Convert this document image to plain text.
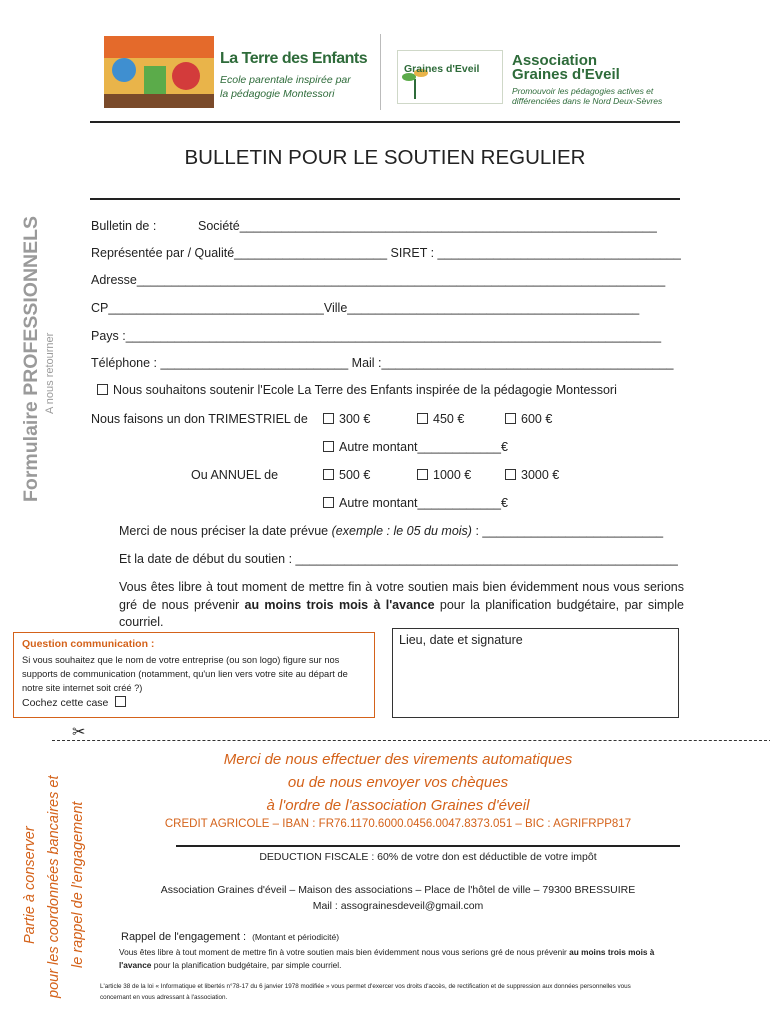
La Terre des Enfants
Ecole parentale inspirée par
la pédagogie Montessori
Graines d'Eveil Association
Graines d'Eveil
Promouvoir les pédagogies actives et
différenciées dans le Nord Deux-Sèvres
BULLETIN POUR LE SOUTIEN REGULIER
Formulaire PROFESSIONNELS A nous retourner
Bulletin de :	Société____________________________________________________________
Représentée par / Qualité______________________ SIRET : ___________________________________
Adresse____________________________________________________________________________
CP_______________________________Ville__________________________________________
Pays :_____________________________________________________________________________
Téléphone : ___________________________ Mail :__________________________________________
Nous souhaitons soutenir l'Ecole La Terre des Enfants inspirée de la pédagogie Montessori
Nous faisons un don TRIMESTRIEL de	300 €	450 €	600 €
Autre montant____________€
Ou ANNUEL de	500 €	1000 €	3000 €
Autre montant____________€
Merci de nous préciser la date prévue (exemple : le 05 du mois) : __________________________
Et la date de début du soutien : _______________________________________________________
Vous êtes libre à tout moment de mettre fin à votre soutien mais bien évidemment nous vous serions gré de nous prévenir au moins trois mois à l'avance pour la planification budgétaire, par simple courriel.
Question communication :
Si vous souhaitez que le nom de votre entreprise (ou son logo) figure sur nos supports de communication (notamment, qu'un lien vers votre site au départ de notre site internet soit créé ?)
Cochez cette case
Lieu, date et signature
✂
Partie à conserver pour les coordonnées bancaires et le rappel de l'engagement
Merci de nous effectuer des virements automatiques
ou de nous envoyer vos chèques
à l'ordre de l'association Graines d'éveil
CREDIT AGRICOLE – IBAN : FR76.1170.6000.0456.0047.8373.051 – BIC : AGRIFRPP817
DEDUCTION FISCALE : 60% de votre don est déductible de votre impôt
Association Graines d'éveil – Maison des associations – Place de l'hôtel de ville – 79300 BRESSUIRE
Mail : assograinesdeveil@gmail.com
Rappel de l'engagement : (Montant et périodicité)
Vous êtes libre à tout moment de mettre fin à votre soutien mais bien évidemment nous vous serions gré de nous prévenir au moins trois mois à l'avance pour la planification budgétaire, par simple courriel.
L'article 38 de la loi « Informatique et libertés n°78-17 du 6 janvier 1978 modifiée » vous permet d'exercer vos droits d'accès, de rectification et de suppression aux données personnelles vous concernant en vous adressant à l'association.
